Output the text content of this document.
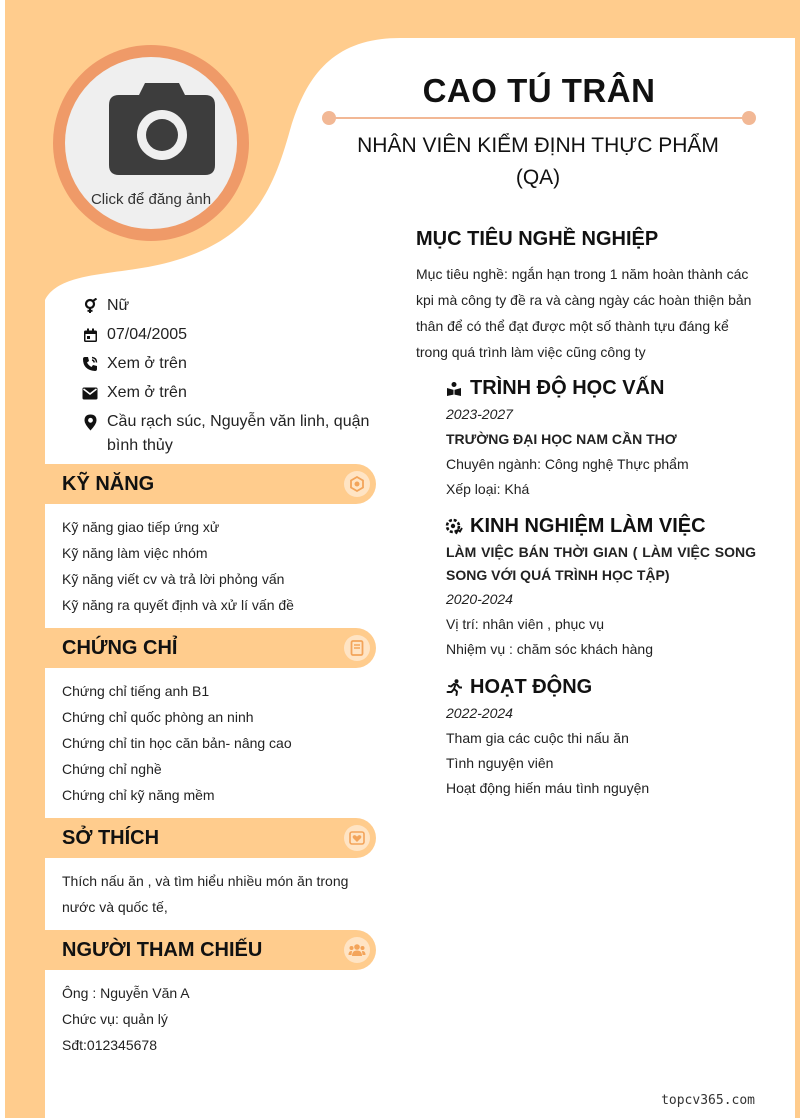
Click để đăng ảnh
CAO TÚ TRÂN
NHÂN VIÊN KIỂM ĐỊNH THỰC PHẨM (QA)
Nữ
07/04/2005
Xem ở trên
Xem ở trên
Cầu rạch súc, Nguyễn văn linh, quận bình thủy
KỸ NĂNG
Kỹ năng giao tiếp ứng xử
Kỹ năng làm việc nhóm
Kỹ năng viết cv và trả lời phỏng vấn
Kỹ năng ra quyết định và xử lí vấn đề
CHỨNG CHỈ
Chứng chỉ tiếng anh B1
Chứng chỉ quốc phòng an ninh
Chứng chỉ tin học căn bản- nâng cao
Chứng chỉ nghề
Chứng chỉ kỹ năng mềm
SỞ THÍCH
Thích nấu ăn , và tìm hiểu nhiều món ăn trong nước và quốc tế,
NGƯỜI THAM CHIẾU
Ông : Nguyễn Văn A
Chức vụ: quản lý
Sđt:012345678
MỤC TIÊU NGHỀ NGHIỆP
Mục tiêu nghề: ngắn hạn trong 1 năm hoàn thành các kpi mà công ty đề ra và càng ngày các hoàn thiện bản thân để có thể đạt được một số thành tựu đáng kể trong quá trình làm việc cũng công ty
TRÌNH ĐỘ HỌC VẤN
2023-2027
TRƯỜNG ĐẠI HỌC NAM CẦN THƠ
Chuyên ngành: Công nghệ Thực phẩm
Xếp loại: Khá
KINH NGHIỆM LÀM VIỆC
LÀM VIỆC BÁN THỜI GIAN ( LÀM VIỆC SONG SONG VỚI QUÁ TRÌNH HỌC TẬP)
2020-2024
Vị trí: nhân viên , phục vụ
Nhiệm vụ : chăm sóc khách hàng
HOẠT ĐỘNG
2022-2024
Tham gia các cuộc thi nấu ăn
Tình nguyện viên
Hoạt động hiến máu tình nguyện
topcv365.com
